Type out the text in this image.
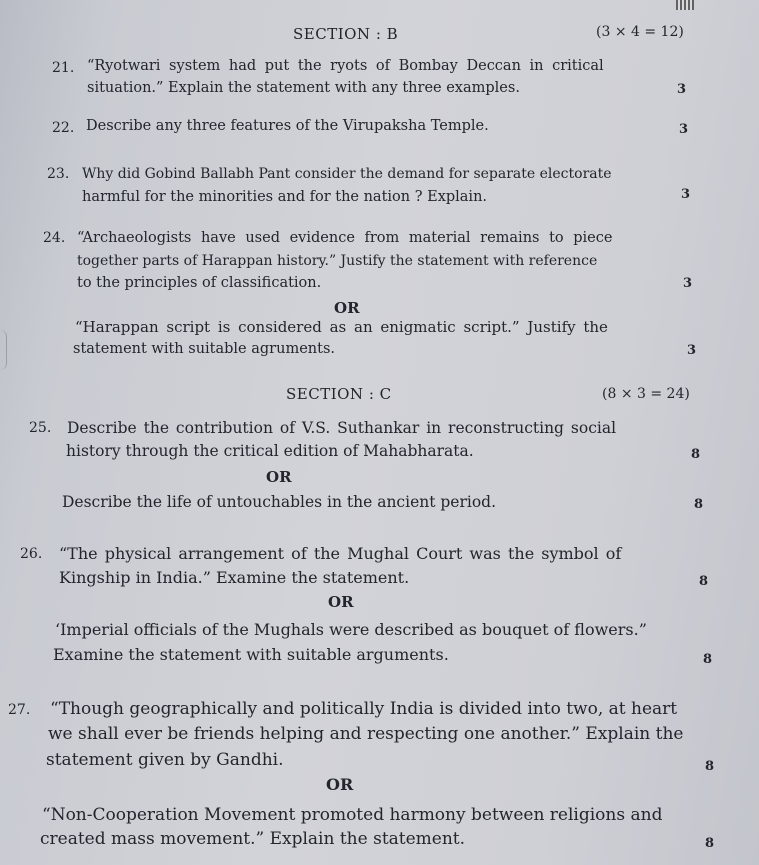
SECTION : B	(3 × 4 = 12)
21. “Ryotwari system had put the ryots of Bombay Deccan in critical
situation.” Explain the statement with any three examples.	3
22. Describe any three features of the Virupaksha Temple.	3
23. Why did Gobind Ballabh Pant consider the demand for separate electorate
harmful for the minorities and for the nation ? Explain.	3
24. “Archaeologists have used evidence from material remains to piece
together parts of Harappan history.” Justify the statement with reference
to the principles of classification.	3
OR
“Harappan script is considered as an enigmatic script.” Justify the
statement with suitable agruments.	3
SECTION : C	(8 × 3 = 24)
25. Describe the contribution of V.S. Suthankar in reconstructing social
history through the critical edition of Mahabharata.	8
OR
Describe the life of untouchables in the ancient period.	8
26. “The physical arrangement of the Mughal Court was the symbol of
Kingship in India.” Examine the statement.	8
OR
‘Imperial officials of the Mughals were described as bouquet of flowers.”
Examine the statement with suitable arguments.	8
27. “Though geographically and politically India is divided into two, at heart
we shall ever be friends helping and respecting one another.” Explain the
statement given by Gandhi.	8
OR
“Non-Cooperation Movement promoted harmony between religions and
created mass movement.” Explain the statement.	8
